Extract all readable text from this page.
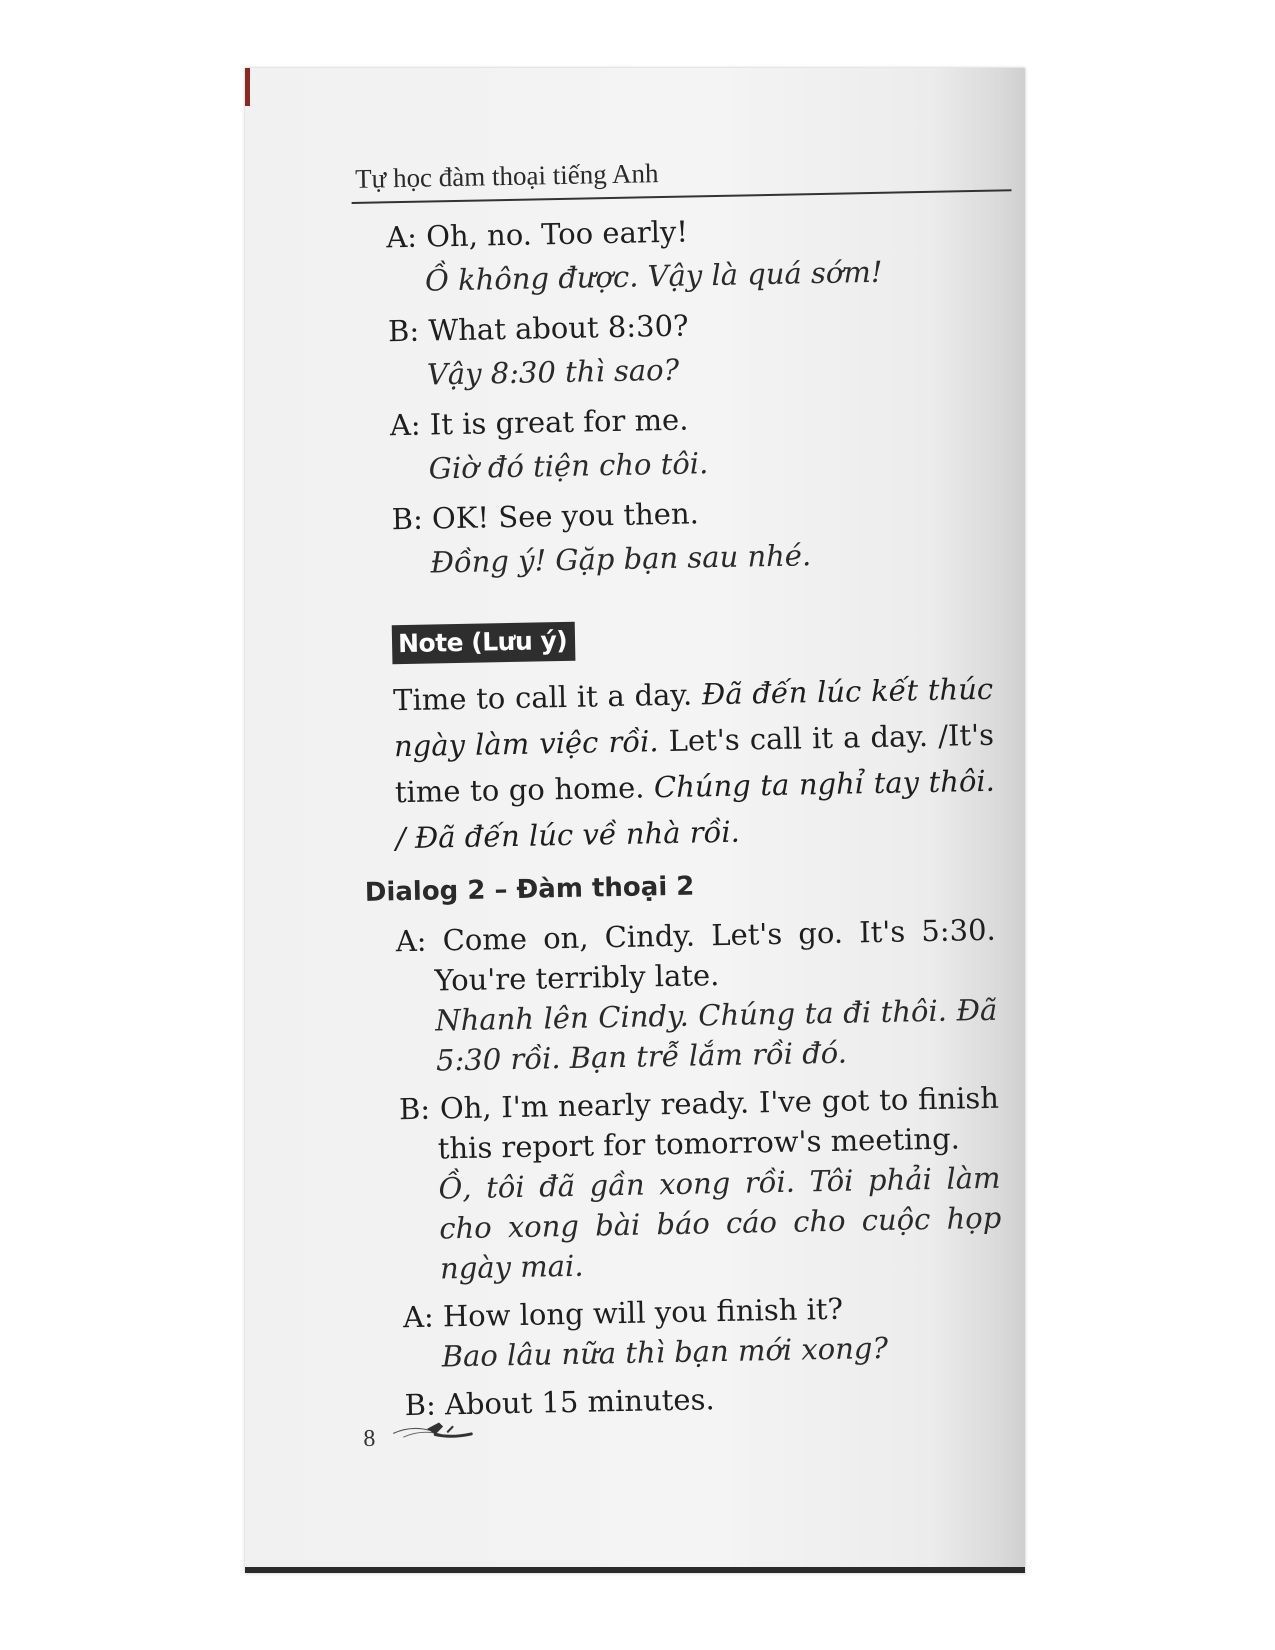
Tự học đàm thoại tiếng Anh
A: Oh, no. Too early!
Ồ không được. Vậy là quá sớm!
B: What about 8:30?
Vậy 8:30 thì sao?
A: It is great for me.
Giờ đó tiện cho tôi.
B: OK! See you then.
Đồng ý! Gặp bạn sau nhé.
Note (Lưu ý)
Time to call it a day. Đã đến lúc kết thúc ngày làm việc rồi. Let's call it a day. /It's time to go home. Chúng ta nghỉ tay thôi. / Đã đến lúc về nhà rồi.
Dialog 2 – Đàm thoại 2
A: Come on, Cindy. Let's go. It's 5:30. You're terribly late.
Nhanh lên Cindy. Chúng ta đi thôi. Đã 5:30 rồi. Bạn trễ lắm rồi đó.
B: Oh, I'm nearly ready. I've got to finish this report for tomorrow's meeting.
Ồ, tôi đã gần xong rồi. Tôi phải làm cho xong bài báo cáo cho cuộc họp ngày mai.
A: How long will you finish it?
Bao lâu nữa thì bạn mới xong?
B: About 15 minutes.
8
